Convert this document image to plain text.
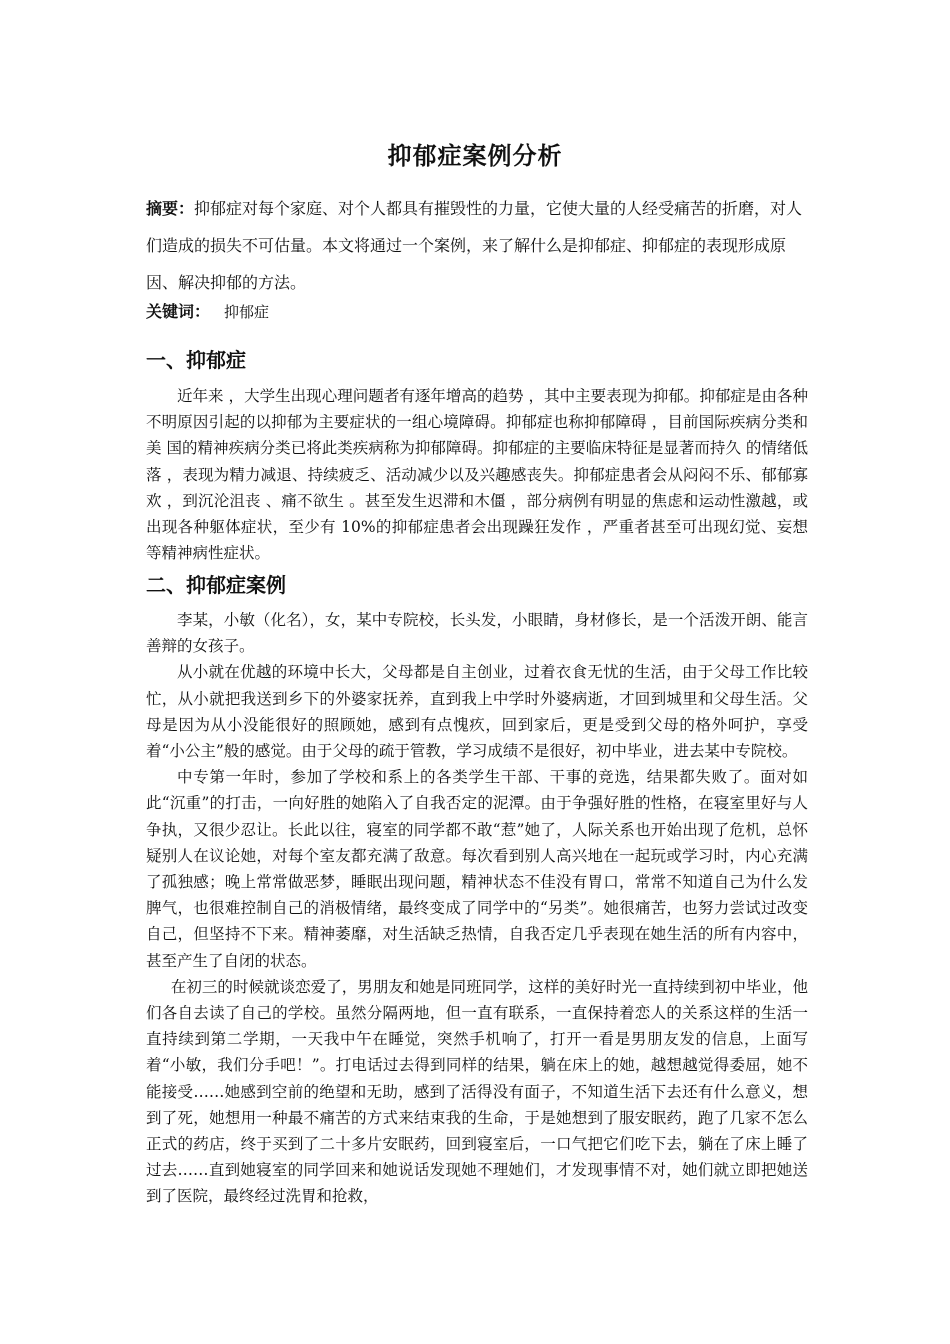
抑郁症案例分析
摘要：抑郁症对每个家庭、对个人都具有摧毁性的力量，它使大量的人经受痛苦的折磨，对人们造成的损失不可估量。本文将通过一个案例，来了解什么是抑郁症、抑郁症的表现形成原因、解决抑郁的方法。
关键词： 抑郁症
一、抑郁症

近年来 ，大学生出现心理问题者有逐年增高的趋势 ，其中主要表现为抑郁。抑郁症是由各种不明原因引起的以抑郁为主要症状的一组心境障碍。抑郁症也称抑郁障碍 ，目前国际疾病分类和美 国的精神疾病分类已将此类疾病称为抑郁障碍。抑郁症的主要临床特征是显著而持久 的情绪低落 ，表现为精力减退、持续疲乏、活动减少以及兴趣感丧失。抑郁症患者会从闷闷不乐、郁郁寡欢 ，到沉沦沮丧 、痛不欲生 。甚至发生迟滞和木僵 ，部分病例有明显的焦虑和运动性激越，或出现各种躯体症状，至少有 10%的抑郁症患者会出现躁狂发作 ，严重者甚至可出现幻觉、妄想等精神病性症状。

二、抑郁症案例

李某，小敏（化名），女，某中专院校，长头发，小眼睛，身材修长，是一个活泼开朗、能言善辩的女孩子。

从小就在优越的环境中长大，父母都是自主创业，过着衣食无忧的生活，由于父母工作比较忙，从小就把我送到乡下的外婆家抚养，直到我上中学时外婆病逝，才回到城里和父母生活。父母是因为从小没能很好的照顾她，感到有点愧疚，回到家后，更是受到父母的格外呵护，享受着“小公主”般的感觉。由于父母的疏于管教，学习成绩不是很好，初中毕业，进去某中专院校。

中专第一年时，参加了学校和系上的各类学生干部、干事的竞选，结果都失败了。面对如此“沉重”的打击，一向好胜的她陷入了自我否定的泥潭。由于争强好胜的性格，在寝室里好与人争执，又很少忍让。长此以往，寝室的同学都不敢“惹”她了，人际关系也开始出现了危机，总怀疑别人在议论她，对每个室友都充满了敌意。每次看到别人高兴地在一起玩或学习时，内心充满了孤独感；晚上常常做恶梦，睡眠出现问题，精神状态不佳没有胃口，常常不知道自己为什么发脾气，也很难控制自己的消极情绪，最终变成了同学中的“另类”。她很痛苦，也努力尝试过改变自己，但坚持不下来。精神萎靡，对生活缺乏热情，自我否定几乎表现在她生活的所有内容中，甚至产生了自闭的状态。

在初三的时候就谈恋爱了，男朋友和她是同班同学，这样的美好时光一直持续到初中毕业，他们各自去读了自己的学校。虽然分隔两地，但一直有联系，一直保持着恋人的关系这样的生活一直持续到第二学期，一天我中午在睡觉，突然手机响了，打开一看是男朋友发的信息，上面写着“小敏，我们分手吧！”。打电话过去得到同样的结果，躺在床上的她，越想越觉得委屈，她不能接受……她感到空前的绝望和无助，感到了活得没有面子，不知道生活下去还有什么意义，想到了死，她想用一种最不痛苦的方式来结束我的生命，于是她想到了服安眠药，跑了几家不怎么正式的药店，终于买到了二十多片安眠药，回到寝室后，一口气把它们吃下去，躺在了床上睡了过去……直到她寝室的同学回来和她说话发现她不理她们，才发现事情不对，她们就立即把她送到了医院，最终经过洗胃和抢救，
